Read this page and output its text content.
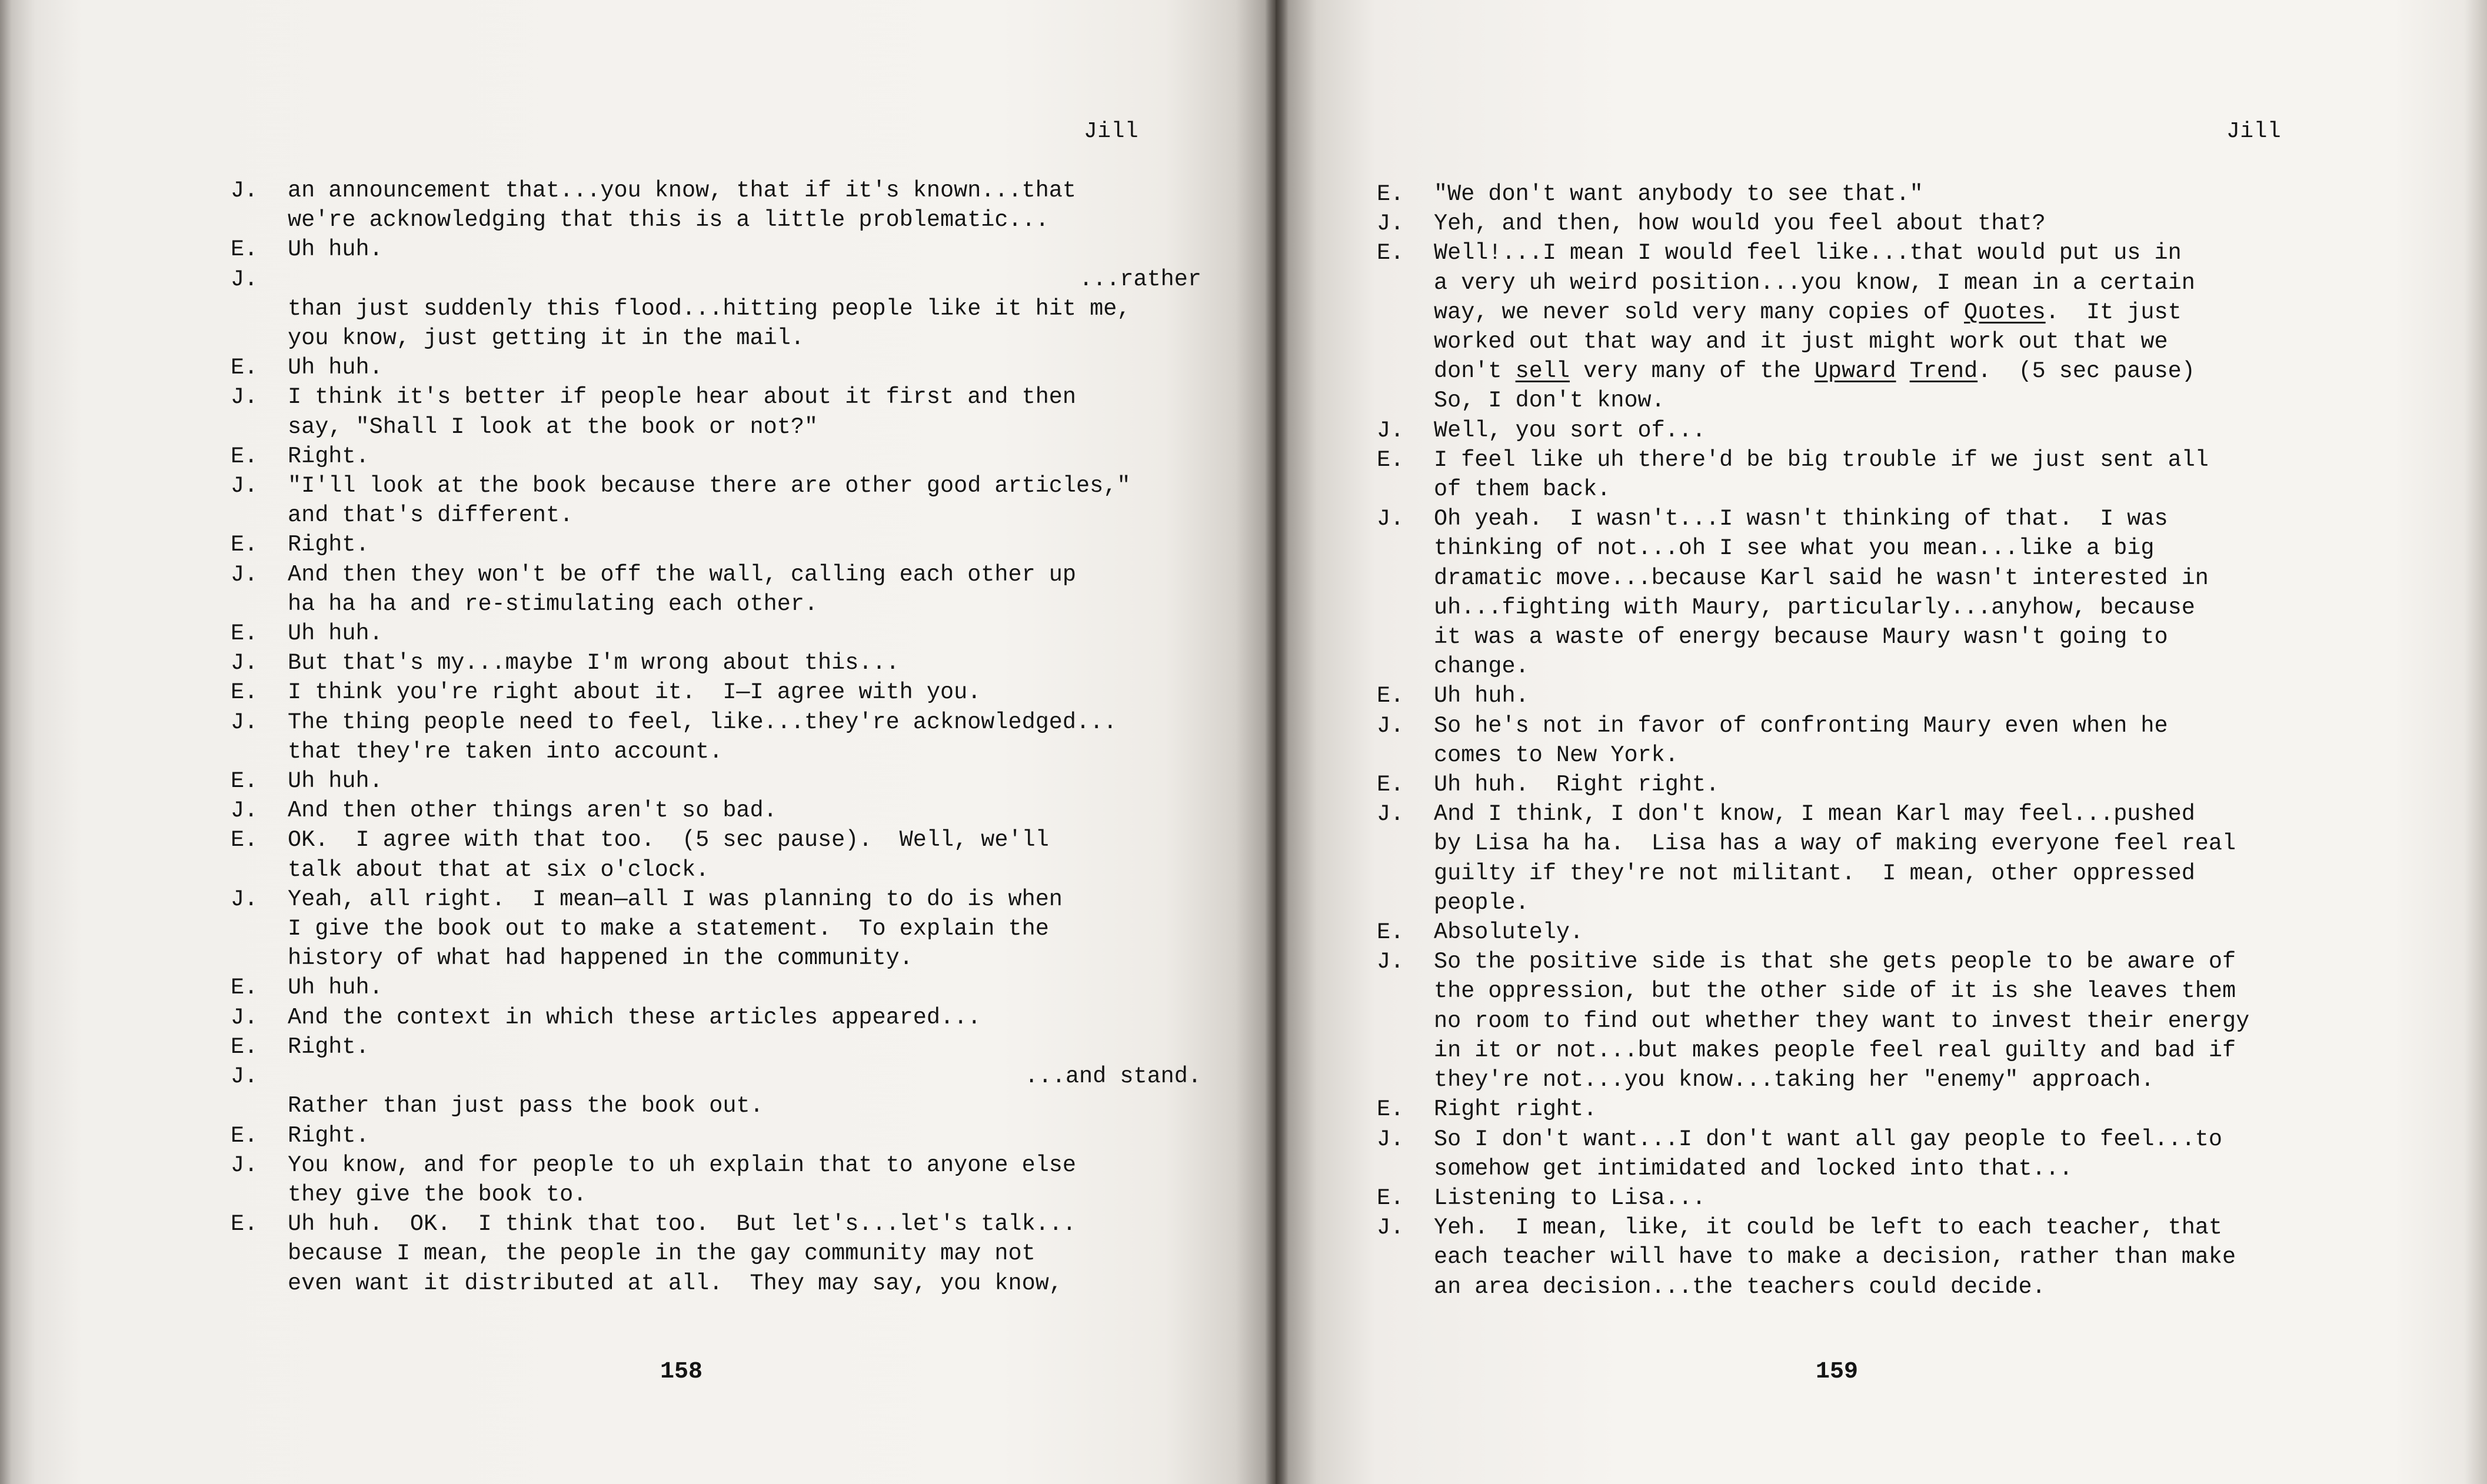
Jill
J.	an announcement that...you know, that if it's known...that
we're acknowledging that this is a little problematic...
E.	Uh huh.
J.	...rather
than just suddenly this flood...hitting people like it hit me,
you know, just getting it in the mail.
E.	Uh huh.
J.	I think it's better if people hear about it first and then
say, "Shall I look at the book or not?"
E.	Right.
J.	"I'll look at the book because there are other good articles,"
and that's different.
E.	Right.
J.	And then they won't be off the wall, calling each other up
ha ha ha and re-stimulating each other.
E.	Uh huh.
J.	But that's my...maybe I'm wrong about this...
E.	I think you're right about it.  I—I agree with you.
J.	The thing people need to feel, like...they're acknowledged...
that they're taken into account.
E.	Uh huh.
J.	And then other things aren't so bad.
E.	OK.  I agree with that too.  (5 sec pause).  Well, we'll
talk about that at six o'clock.
J.	Yeah, all right.  I mean—all I was planning to do is when
I give the book out to make a statement.  To explain the
history of what had happened in the community.
E.	Uh huh.
J.	And the context in which these articles appeared...
E.	Right.
J.	...and stand.
Rather than just pass the book out.
E.	Right.
J.	You know, and for people to uh explain that to anyone else
they give the book to.
E.	Uh huh.  OK.  I think that too.  But let's...let's talk...
because I mean, the people in the gay community may not
even want it distributed at all.  They may say, you know,
158
Jill
E.	"We don't want anybody to see that."
J.	Yeh, and then, how would you feel about that?
E.	Well!...I mean I would feel like...that would put us in
a very uh weird position...you know, I mean in a certain
way, we never sold very many copies of Quotes.  It just
worked out that way and it just might work out that we
don't sell very many of the Upward Trend.  (5 sec pause)
So, I don't know.
J.	Well, you sort of...
E.	I feel like uh there'd be big trouble if we just sent all
of them back.
J.	Oh yeah.  I wasn't...I wasn't thinking of that.  I was
thinking of not...oh I see what you mean...like a big
dramatic move...because Karl said he wasn't interested in
uh...fighting with Maury, particularly...anyhow, because
it was a waste of energy because Maury wasn't going to
change.
E.	Uh huh.
J.	So he's not in favor of confronting Maury even when he
comes to New York.
E.	Uh huh.  Right right.
J.	And I think, I don't know, I mean Karl may feel...pushed
by Lisa ha ha.  Lisa has a way of making everyone feel real
guilty if they're not militant.  I mean, other oppressed
people.
E.	Absolutely.
J.	So the positive side is that she gets people to be aware of
the oppression, but the other side of it is she leaves them
no room to find out whether they want to invest their energy
in it or not...but makes people feel real guilty and bad if
they're not...you know...taking her "enemy" approach.
E.	Right right.
J.	So I don't want...I don't want all gay people to feel...to
somehow get intimidated and locked into that...
E.	Listening to Lisa...
J.	Yeh.  I mean, like, it could be left to each teacher, that
each teacher will have to make a decision, rather than make
an area decision...the teachers could decide.
159
